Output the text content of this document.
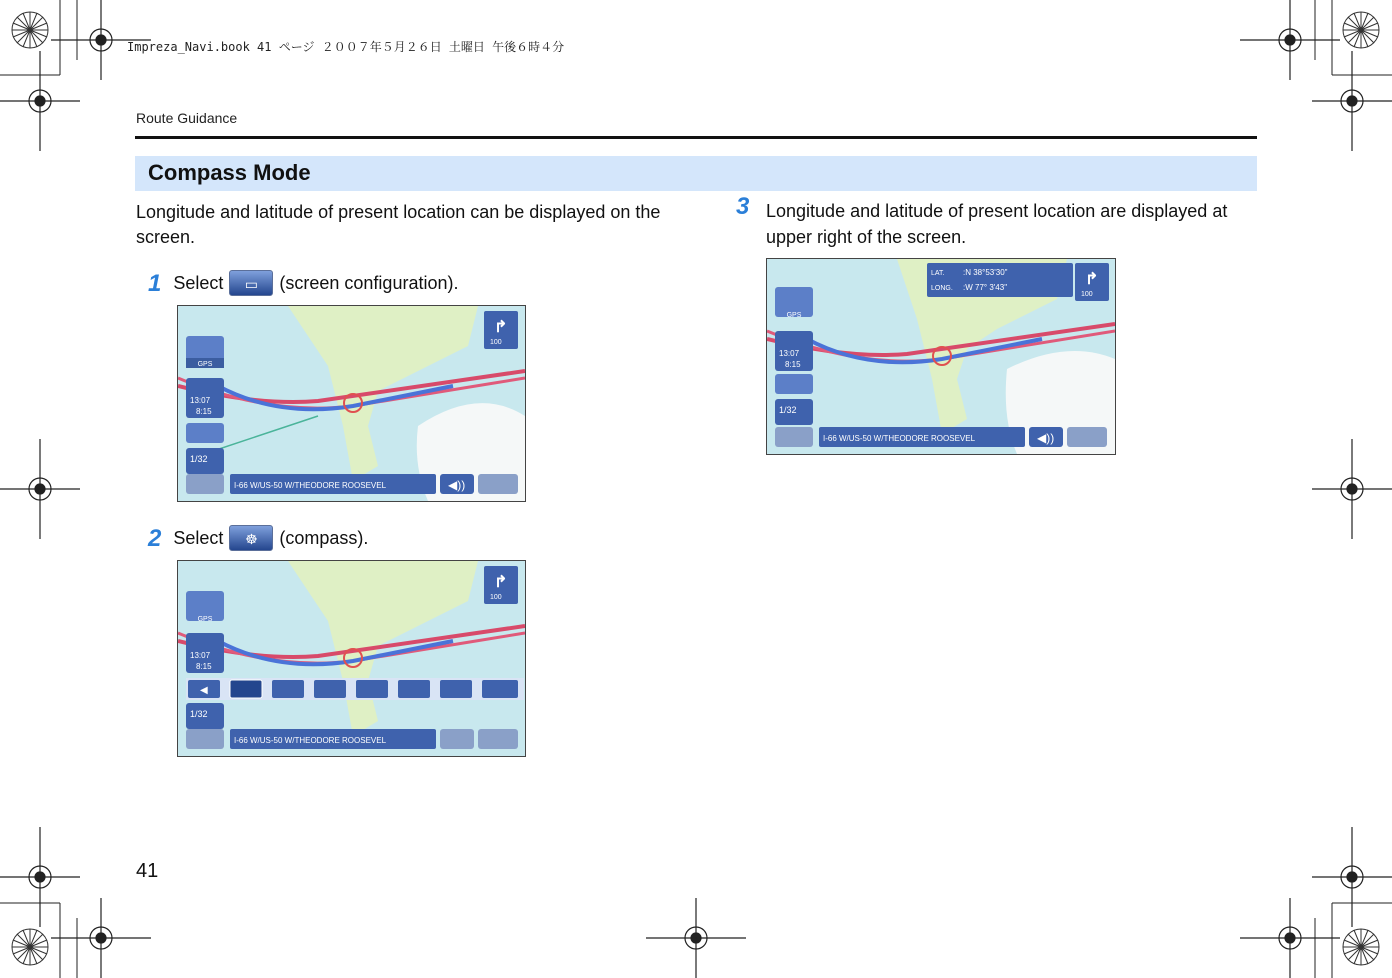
Impreza_Navi.book 41 ページ ２００７年５月２６日 土曜日 午後６時４分
Route Guidance
Compass Mode
Longitude and latitude of present location can be displayed on the screen.
1 Select	▭	(screen configuration).
2 Select	☸	(compass).
3 Longitude and latitude of present location are displayed at upper right of the screen.
GPS
13:07
8:15
1/32
↱
100
I-66 W/US-50 W/THEODORE ROOSEVEL	◀))
GPS
13:07
8:15
◀
1/32
↱
100
I-66 W/US-50 W/THEODORE ROOSEVEL
LAT. :N 38°53'30"
LONG. :W 77° 3'43"	↱
100
GPS
13:07
8:15
1/32
I-66 W/US-50 W/THEODORE ROOSEVEL	◀))
41
